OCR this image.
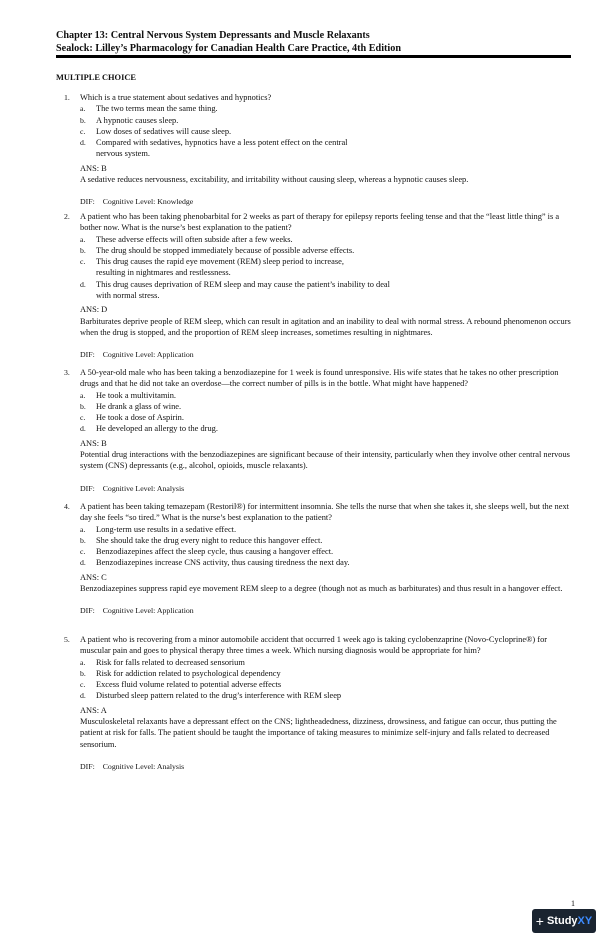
Chapter 13: Central Nervous System Depressants and Muscle Relaxants
Sealock: Lilley’s Pharmacology for Canadian Health Care Practice, 4th Edition
MULTIPLE CHOICE
1. Which is a true statement about sedatives and hypnotics?
a. The two terms mean the same thing.
b. A hypnotic causes sleep.
c. Low doses of sedatives will cause sleep.
d. Compared with sedatives, hypnotics have a less potent effect on the central nervous system.
ANS: B
A sedative reduces nervousness, excitability, and irritability without causing sleep, whereas a hypnotic causes sleep.
DIF: Cognitive Level: Knowledge
2. A patient who has been taking phenobarbital for 2 weeks as part of therapy for epilepsy reports feeling tense and that the “least little thing” is a bother now. What is the nurse’s best explanation to the patient?
a. These adverse effects will often subside after a few weeks.
b. The drug should be stopped immediately because of possible adverse effects.
c. This drug causes the rapid eye movement (REM) sleep period to increase, resulting in nightmares and restlessness.
d. This drug causes deprivation of REM sleep and may cause the patient’s inability to deal with normal stress.
ANS: D
Barbiturates deprive people of REM sleep, which can result in agitation and an inability to deal with normal stress. A rebound phenomenon occurs when the drug is stopped, and the proportion of REM sleep increases, sometimes resulting in nightmares.
DIF: Cognitive Level: Application
3. A 50-year-old male who has been taking a benzodiazepine for 1 week is found unresponsive. His wife states that he takes no other prescription drugs and that he did not take an overdose—the correct number of pills is in the bottle. What might have happened?
a. He took a multivitamin.
b. He drank a glass of wine.
c. He took a dose of Aspirin.
d. He developed an allergy to the drug.
ANS: B
Potential drug interactions with the benzodiazepines are significant because of their intensity, particularly when they involve other central nervous system (CNS) depressants (e.g., alcohol, opioids, muscle relaxants).
DIF: Cognitive Level: Analysis
4. A patient has been taking temazepam (Restoril®) for intermittent insomnia. She tells the nurse that when she takes it, she sleeps well, but the next day she feels “so tired.” What is the nurse’s best explanation to the patient?
a. Long-term use results in a sedative effect.
b. She should take the drug every night to reduce this hangover effect.
c. Benzodiazepines affect the sleep cycle, thus causing a hangover effect.
d. Benzodiazepines increase CNS activity, thus causing tiredness the next day.
ANS: C
Benzodiazepines suppress rapid eye movement REM sleep to a degree (though not as much as barbiturates) and thus result in a hangover effect.
DIF: Cognitive Level: Application
5. A patient who is recovering from a minor automobile accident that occurred 1 week ago is taking cyclobenzaprine (Novo-Cycloprine®) for muscular pain and goes to physical therapy three times a week. Which nursing diagnosis would be appropriate for him?
a. Risk for falls related to decreased sensorium
b. Risk for addiction related to psychological dependency
c. Excess fluid volume related to potential adverse effects
d. Disturbed sleep pattern related to the drug’s interference with REM sleep
ANS: A
Musculoskeletal relaxants have a depressant effect on the CNS; lightheadedness, dizziness, drowsiness, and fatigue can occur, thus putting the patient at risk for falls. The patient should be taught the importance of taking measures to minimize self-injury and falls related to decreased sensorium.
DIF: Cognitive Level: Analysis
1
+ Study XY
